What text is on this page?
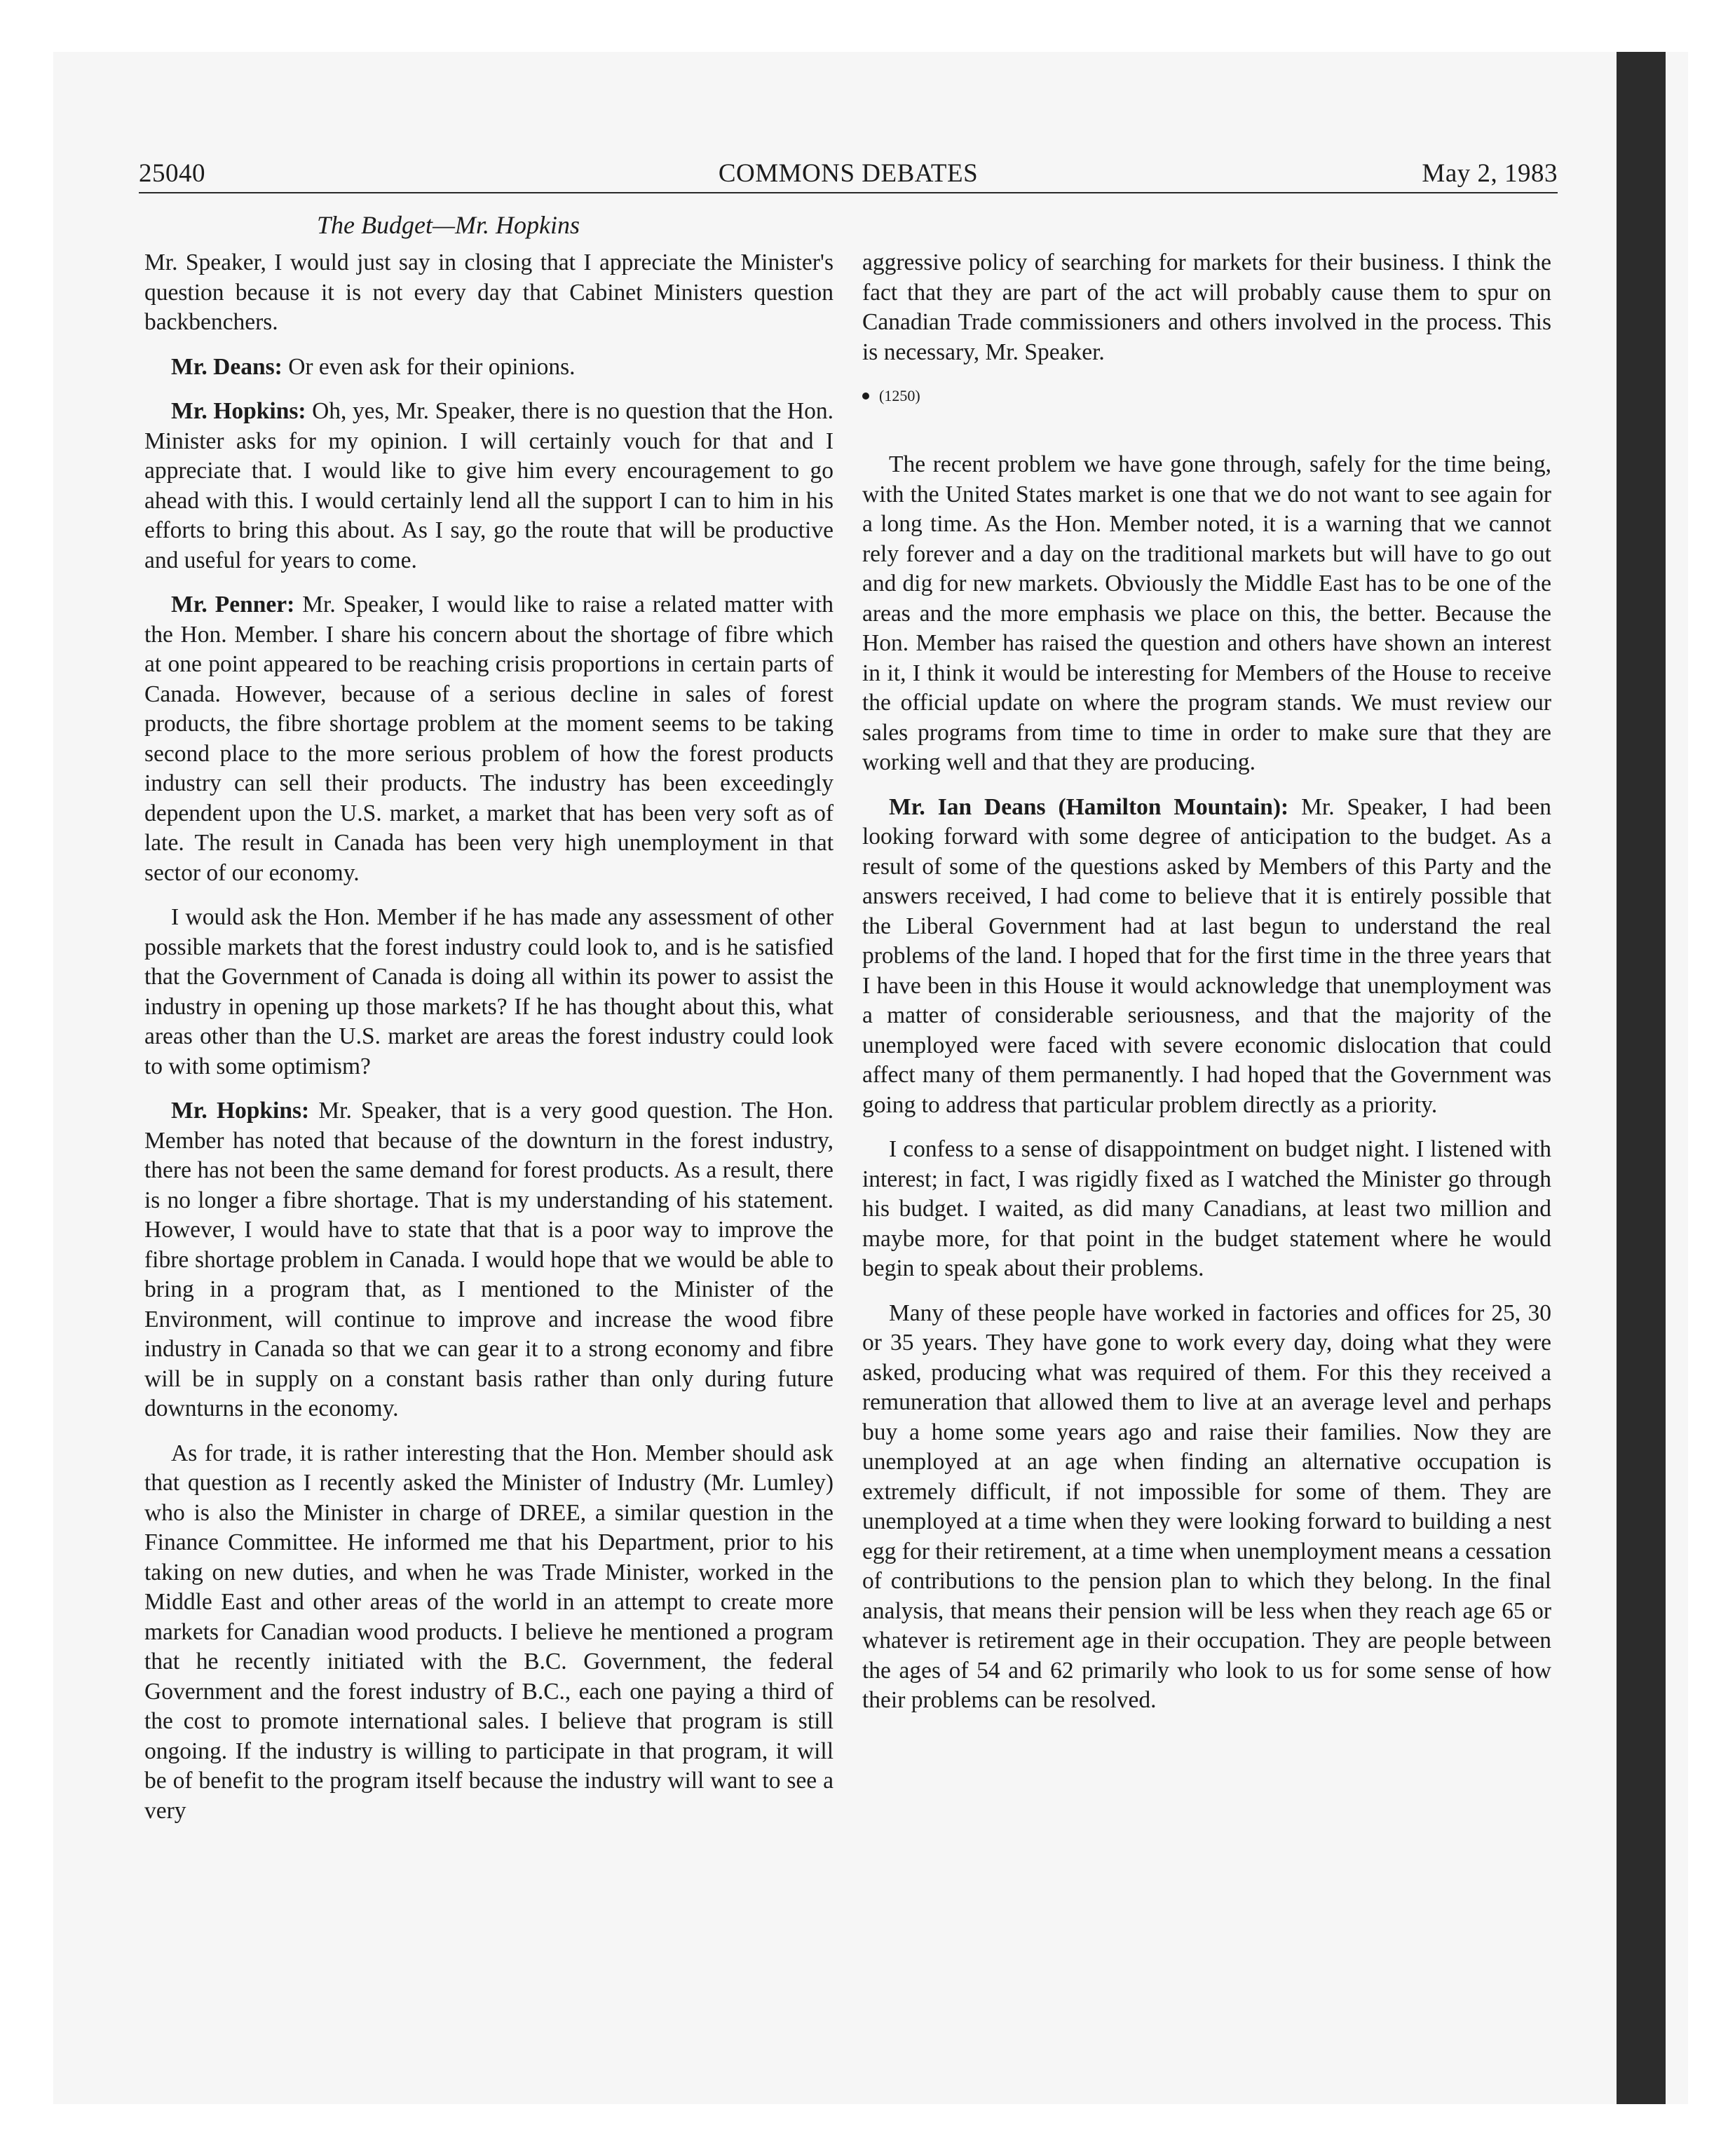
COMMONS DEBATES
25040	May 2, 1983
The Budget—Mr. Hopkins

Mr. Speaker, I would just say in closing that I appreciate the Minister's question because it is not every day that Cabinet Ministers question backbenchers.

Mr. Deans: Or even ask for their opinions.

Mr. Hopkins: Oh, yes, Mr. Speaker, there is no question that the Hon. Minister asks for my opinion. I will certainly vouch for that and I appreciate that. I would like to give him every encouragement to go ahead with this. I would certainly lend all the support I can to him in his efforts to bring this about. As I say, go the route that will be productive and useful for years to come.

Mr. Penner: Mr. Speaker, I would like to raise a related matter with the Hon. Member. I share his concern about the shortage of fibre which at one point appeared to be reaching crisis proportions in certain parts of Canada. However, because of a serious decline in sales of forest products, the fibre shortage problem at the moment seems to be taking second place to the more serious problem of how the forest products industry can sell their products. The industry has been exceedingly dependent upon the U.S. market, a market that has been very soft as of late. The result in Canada has been very high unemployment in that sector of our economy.

I would ask the Hon. Member if he has made any assessment of other possible markets that the forest industry could look to, and is he satisfied that the Government of Canada is doing all within its power to assist the industry in opening up those markets? If he has thought about this, what areas other than the U.S. market are areas the forest industry could look to with some optimism?

Mr. Hopkins: Mr. Speaker, that is a very good question. The Hon. Member has noted that because of the downturn in the forest industry, there has not been the same demand for forest products. As a result, there is no longer a fibre shortage. That is my understanding of his statement. However, I would have to state that that is a poor way to improve the fibre shortage problem in Canada. I would hope that we would be able to bring in a program that, as I mentioned to the Minister of the Environment, will continue to improve and increase the wood fibre industry in Canada so that we can gear it to a strong economy and fibre will be in supply on a constant basis rather than only during future downturns in the economy.

As for trade, it is rather interesting that the Hon. Member should ask that question as I recently asked the Minister of Industry (Mr. Lumley) who is also the Minister in charge of DREE, a similar question in the Finance Committee. He informed me that his Department, prior to his taking on new duties, and when he was Trade Minister, worked in the Middle East and other areas of the world in an attempt to create more markets for Canadian wood products. I believe he mentioned a program that he recently initiated with the B.C. Government, the federal Government and the forest industry of B.C., each one paying a third of the cost to promote international sales. I believe that program is still ongoing. If the industry is willing to participate in that program, it will be of benefit to the program itself because the industry will want to see a very

aggressive policy of searching for markets for their business. I think the fact that they are part of the act will probably cause them to spur on Canadian Trade commissioners and others involved in the process. This is necessary, Mr. Speaker.

(1250)

The recent problem we have gone through, safely for the time being, with the United States market is one that we do not want to see again for a long time. As the Hon. Member noted, it is a warning that we cannot rely forever and a day on the traditional markets but will have to go out and dig for new markets. Obviously the Middle East has to be one of the areas and the more emphasis we place on this, the better. Because the Hon. Member has raised the question and others have shown an interest in it, I think it would be interesting for Members of the House to receive the official update on where the program stands. We must review our sales programs from time to time in order to make sure that they are working well and that they are producing.

Mr. Ian Deans (Hamilton Mountain): Mr. Speaker, I had been looking forward with some degree of anticipation to the budget. As a result of some of the questions asked by Members of this Party and the answers received, I had come to believe that it is entirely possible that the Liberal Government had at last begun to understand the real problems of the land. I hoped that for the first time in the three years that I have been in this House it would acknowledge that unemployment was a matter of considerable seriousness, and that the majority of the unemployed were faced with severe economic dislocation that could affect many of them permanently. I had hoped that the Government was going to address that particular problem directly as a priority.

I confess to a sense of disappointment on budget night. I listened with interest; in fact, I was rigidly fixed as I watched the Minister go through his budget. I waited, as did many Canadians, at least two million and maybe more, for that point in the budget statement where he would begin to speak about their problems.

Many of these people have worked in factories and offices for 25, 30 or 35 years. They have gone to work every day, doing what they were asked, producing what was required of them. For this they received a remuneration that allowed them to live at an average level and perhaps buy a home some years ago and raise their families. Now they are unemployed at an age when finding an alternative occupation is extremely difficult, if not impossible for some of them. They are unemployed at a time when they were looking forward to building a nest egg for their retirement, at a time when unemployment means a cessation of contributions to the pension plan to which they belong. In the final analysis, that means their pension will be less when they reach age 65 or whatever is retirement age in their occupation. They are people between the ages of 54 and 62 primarily who look to us for some sense of how their problems can be resolved.
